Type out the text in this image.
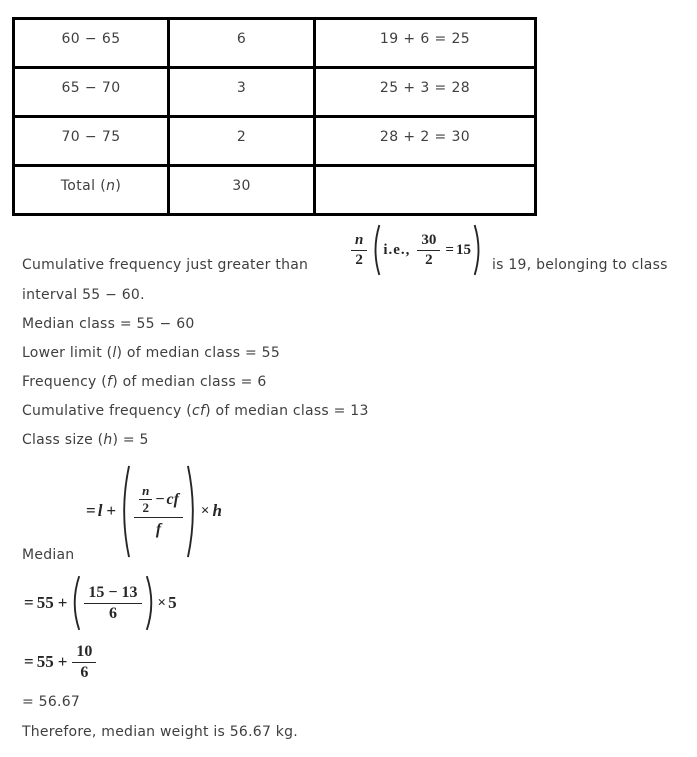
60 − 65	6	19 + 6 = 25
65 − 70	3	25 + 3 = 28
70 − 75	2	28 + 2 = 30
Total (n)	30	
$\frac{n}{2} i.e$., $\frac{30}{2} = 15$
Cumulative frequency just greater than	is 19, belonging to class
interval 55 − 60.
Median class = 55 − 60
Lower limit (l) of median class = 55
Frequency (f) of median class = 6
Cumulative frequency (cf) of median class = 13
Class size (h) = 5
= $l + \frac{\frac{n}{2} - cf}{f} \times h$
Median
= $55 + \frac{15 - 13}{6} \times 5$
= $55 + \frac{10}{6}$
= 56.67
Therefore, median weight is 56.67 kg.
